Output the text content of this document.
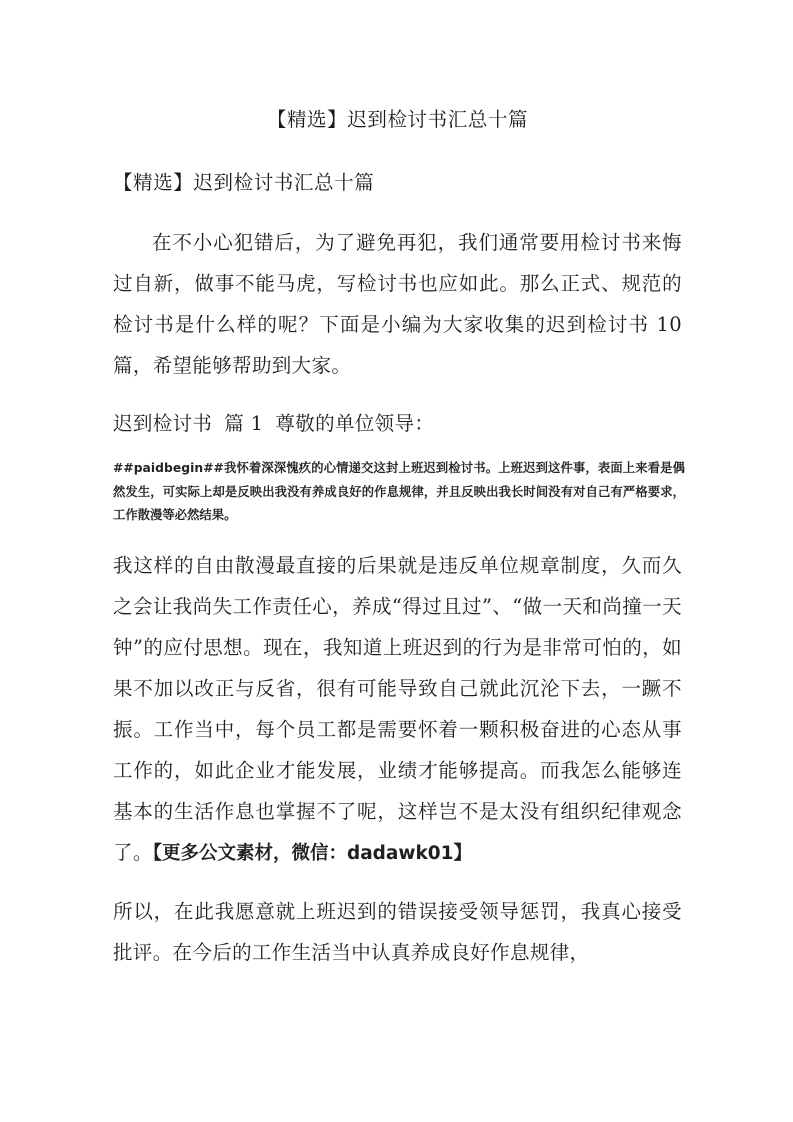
【精选】迟到检讨书汇总十篇

【精选】迟到检讨书汇总十篇

在不小心犯错后，为了避免再犯，我们通常要用检讨书来悔过自新，做事不能马虎，写检讨书也应如此。那么正式、规范的检讨书是什么样的呢？下面是小编为大家收集的迟到检讨书 10 篇，希望能够帮助到大家。

迟到检讨书 篇 1 尊敬的单位领导：

##paidbegin##我怀着深深愧疚的心情递交这封上班迟到检讨书。上班迟到这件事，表面上来看是偶然发生，可实际上却是反映出我没有养成良好的作息规律，并且反映出我长时间没有对自己有严格要求，工作散漫等必然结果。

我这样的自由散漫最直接的后果就是违反单位规章制度，久而久之会让我尚失工作责任心，养成“得过且过”、“做一天和尚撞一天钟”的应付思想。现在，我知道上班迟到的行为是非常可怕的，如果不加以改正与反省，很有可能导致自己就此沉沦下去，一蹶不振。工作当中，每个员工都是需要怀着一颗积极奋进的心态从事工作的，如此企业才能发展，业绩才能够提高。而我怎么能够连基本的生活作息也掌握不了呢，这样岂不是太没有组织纪律观念了。【更多公文素材，微信：dadawk01】

所以，在此我愿意就上班迟到的错误接受领导惩罚，我真心接受批评。在今后的工作生活当中认真养成良好作息规律，
